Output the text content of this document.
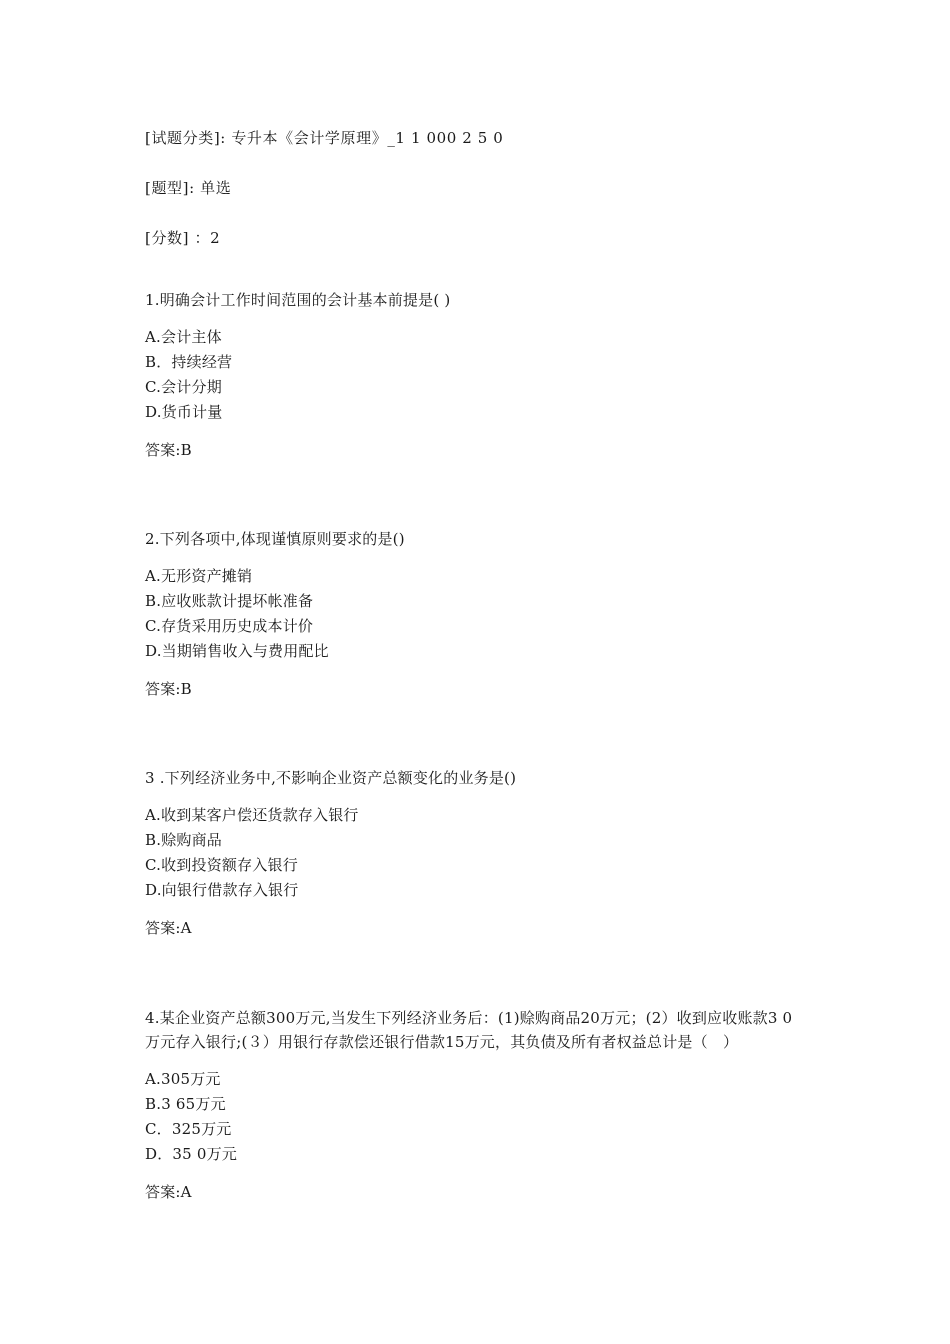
[试题分类]: 专升本《会计学原理》_1 1 000 2 5 0
[题型]: 单选
[分数] ：2
1.明确会计工作时间范围的会计基本前提是( )
A.会计主体
B．持续经营
C.会计分期
D.货币计量
答案:B
2.下列各项中,体现谨慎原则要求的是()
A.无形资产摊销
B.应收账款计提坏帐准备
C.存货采用历史成本计价
D.当期销售收入与费用配比
答案:B
3 .下列经济业务中,不影响企业资产总额变化的业务是()
A.收到某客户偿还货款存入银行
B.赊购商品
C.收到投资额存入银行
D.向银行借款存入银行
答案:A
4.某企业资产总额300万元,当发生下列经济业务后：(1)赊购商品20万元；(2）收到应收账款3 0万元存入银行;(３）用银行存款偿还银行借款15万元，其负债及所有者权益总计是（　）
A.305万元
B.3 65万元
C．325万元
D．35 0万元
答案:A
